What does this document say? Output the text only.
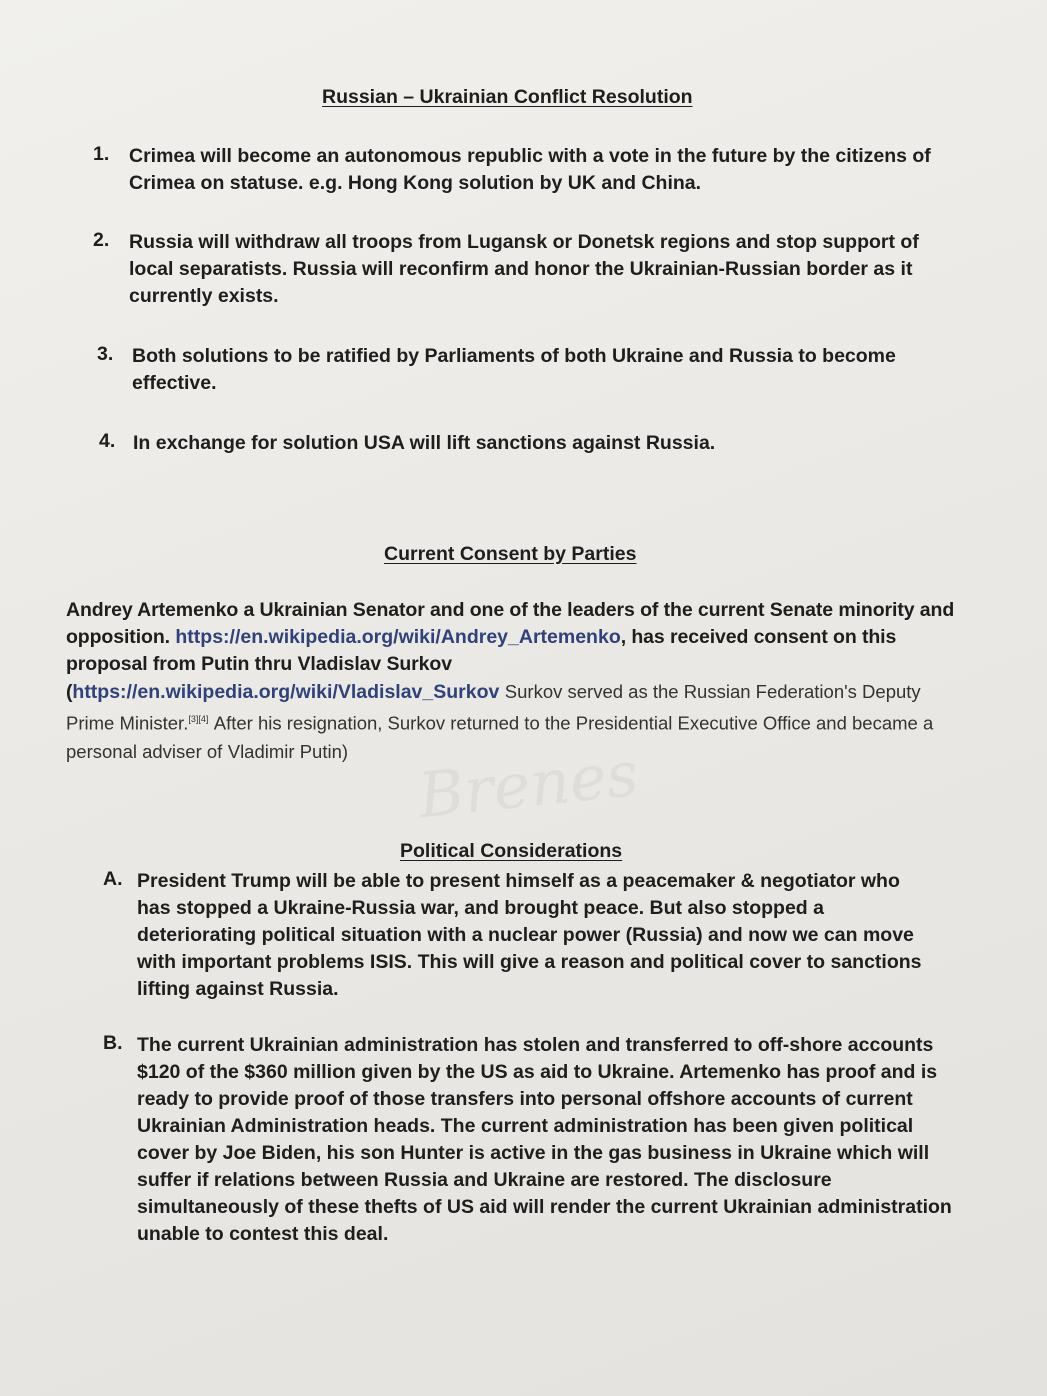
Russian – Ukrainian Conflict Resolution
1. Crimea will become an autonomous republic with a vote in the future by the citizens of Crimea on statuse. e.g. Hong Kong solution by UK and China.
2. Russia will withdraw all troops from Lugansk or Donetsk regions and stop support of local separatists. Russia will reconfirm and honor the Ukrainian-Russian border as it currently exists.
3. Both solutions to be ratified by Parliaments of both Ukraine and Russia to become effective.
4. In exchange for solution USA will lift sanctions against Russia.
Current Consent by Parties
Andrey Artemenko a Ukrainian Senator and one of the leaders of the current Senate minority and opposition. https://en.wikipedia.org/wiki/Andrey_Artemenko, has received consent on this proposal from Putin thru Vladislav Surkov
(https://en.wikipedia.org/wiki/Vladislav_Surkov Surkov served as the Russian Federation's Deputy Prime Minister.[3][4] After his resignation, Surkov returned to the Presidential Executive Office and became a personal adviser of Vladimir Putin)	Brenes
Political Considerations
A. President Trump will be able to present himself as a peacemaker & negotiator who has stopped a Ukraine-Russia war, and brought peace. But also stopped a deteriorating political situation with a nuclear power (Russia) and now we can move with important problems ISIS. This will give a reason and political cover to sanctions lifting against Russia.
B. The current Ukrainian administration has stolen and transferred to off-shore accounts $120 of the $360 million given by the US as aid to Ukraine. Artemenko has proof and is ready to provide proof of those transfers into personal offshore accounts of current Ukrainian Administration heads. The current administration has been given political cover by Joe Biden, his son Hunter is active in the gas business in Ukraine which will suffer if relations between Russia and Ukraine are restored. The disclosure simultaneously of these thefts of US aid will render the current Ukrainian administration unable to contest this deal.
